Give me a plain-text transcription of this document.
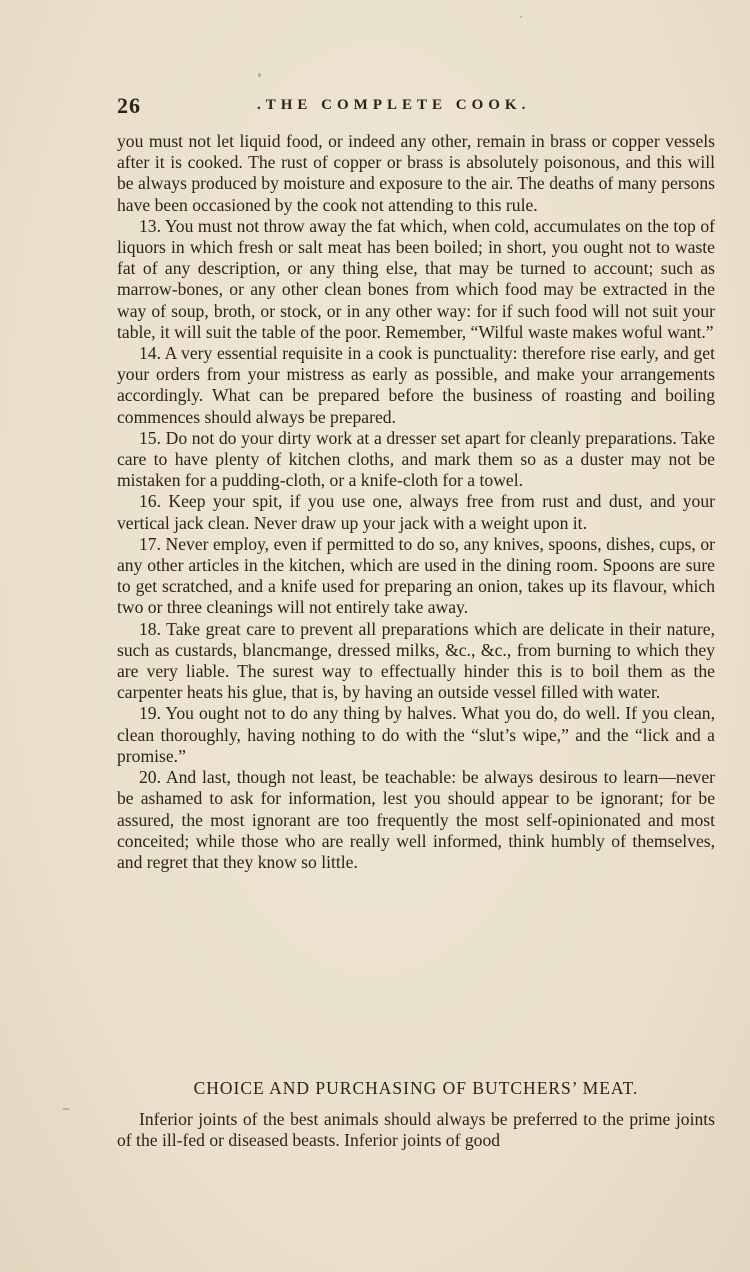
26	.THE COMPLETE COOK.

you must not let liquid food, or indeed any other, remain in brass or copper vessels after it is cooked. The rust of copper or brass is absolutely poisonous, and this will be always produced by moisture and exposure to the air. The deaths of many persons have been occasioned by the cook not attending to this rule.

13. You must not throw away the fat which, when cold, accumulates on the top of liquors in which fresh or salt meat has been boiled; in short, you ought not to waste fat of any description, or any thing else, that may be turned to account; such as marrow-bones, or any other clean bones from which food may be extracted in the way of soup, broth, or stock, or in any other way: for if such food will not suit your table, it will suit the table of the poor. Remember, “Wilful waste makes woful want.”

14. A very essential requisite in a cook is punctuality: therefore rise early, and get your orders from your mistress as early as possible, and make your arrangements accordingly. What can be prepared before the business of roasting and boiling commences should always be prepared.

15. Do not do your dirty work at a dresser set apart for cleanly preparations. Take care to have plenty of kitchen cloths, and mark them so as a duster may not be mistaken for a pudding-cloth, or a knife-cloth for a towel.

16. Keep your spit, if you use one, always free from rust and dust, and your vertical jack clean. Never draw up your jack with a weight upon it.

17. Never employ, even if permitted to do so, any knives, spoons, dishes, cups, or any other articles in the kitchen, which are used in the dining room. Spoons are sure to get scratched, and a knife used for preparing an onion, takes up its flavour, which two or three cleanings will not entirely take away.

18. Take great care to prevent all preparations which are delicate in their nature, such as custards, blancmange, dressed milks, &c., &c., from burning to which they are very liable. The surest way to effectually hinder this is to boil them as the carpenter heats his glue, that is, by having an outside vessel filled with water.

19. You ought not to do any thing by halves. What you do, do well. If you clean, clean thoroughly, having nothing to do with the “slut’s wipe,” and the “lick and a promise.”

20. And last, though not least, be teachable: be always desirous to learn—never be ashamed to ask for information, lest you should appear to be ignorant; for be assured, the most ignorant are too frequently the most self-opinionated and most conceited; while those who are really well informed, think humbly of themselves, and regret that they know so little.

CHOICE AND PURCHASING OF BUTCHERS’ MEAT.

Inferior joints of the best animals should always be preferred to the prime joints of the ill-fed or diseased beasts. Inferior joints of good
